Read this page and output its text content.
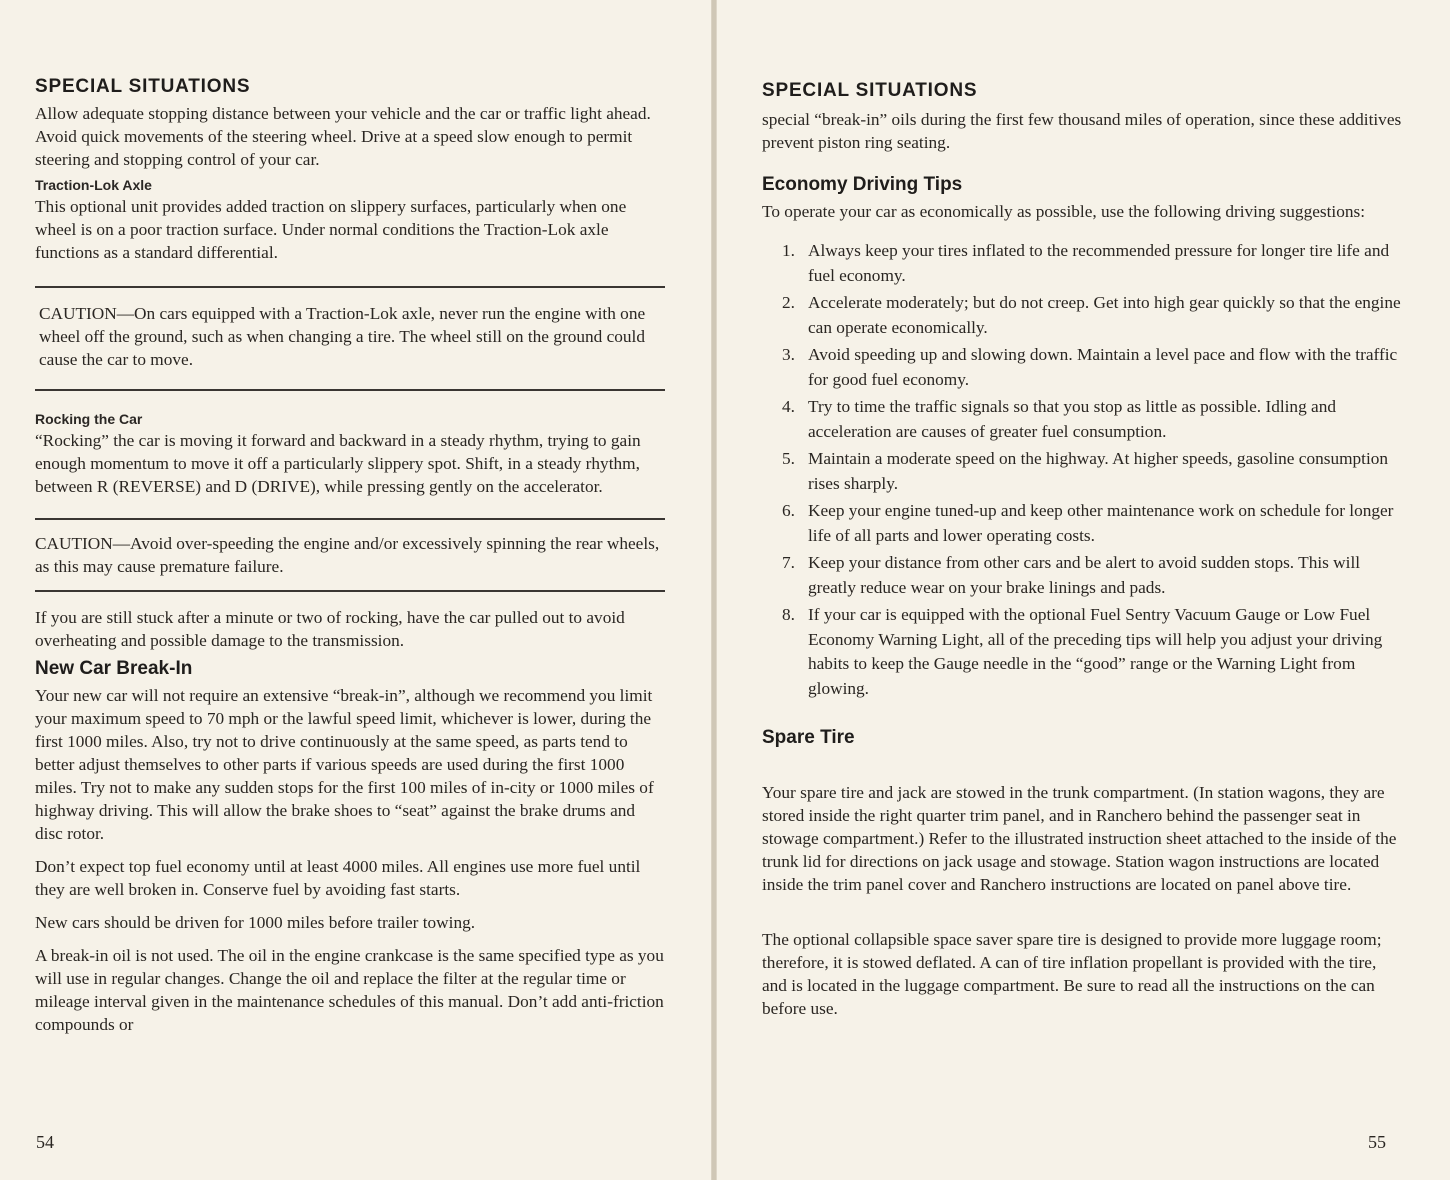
SPECIAL SITUATIONS

Allow adequate stopping distance between your vehicle and the car or traffic light ahead. Avoid quick movements of the steering wheel. Drive at a speed slow enough to permit steering and stopping control of your car.

Traction-Lok Axle

This optional unit provides added traction on slippery surfaces, particularly when one wheel is on a poor traction surface. Under normal conditions the Traction-Lok axle functions as a standard differential.

CAUTION—On cars equipped with a Traction-Lok axle, never run the engine with one wheel off the ground, such as when changing a tire. The wheel still on the ground could cause the car to move.

Rocking the Car

“Rocking” the car is moving it forward and backward in a steady rhythm, trying to gain enough momentum to move it off a particularly slippery spot. Shift, in a steady rhythm, between R (REVERSE) and D (DRIVE), while pressing gently on the accelerator.

CAUTION—Avoid over-speeding the engine and/or excessively spinning the rear wheels, as this may cause premature failure.

If you are still stuck after a minute or two of rocking, have the car pulled out to avoid overheating and possible damage to the transmission.

New Car Break-In

Your new car will not require an extensive “break-in”, although we recommend you limit your maximum speed to 70 mph or the lawful speed limit, whichever is lower, during the first 1000 miles. Also, try not to drive continuously at the same speed, as parts tend to better adjust themselves to other parts if various speeds are used during the first 1000 miles. Try not to make any sudden stops for the first 100 miles of in-city or 1000 miles of highway driving. This will allow the brake shoes to “seat” against the brake drums and disc rotor.

Don’t expect top fuel economy until at least 4000 miles. All engines use more fuel until they are well broken in. Conserve fuel by avoiding fast starts.

New cars should be driven for 1000 miles before trailer towing.

A break-in oil is not used. The oil in the engine crankcase is the same specified type as you will use in regular changes. Change the oil and replace the filter at the regular time or mileage interval given in the maintenance schedules of this manual. Don’t add anti-friction compounds or

54
SPECIAL SITUATIONS

special “break-in” oils during the first few thousand miles of operation, since these additives prevent piston ring seating.

Economy Driving Tips

To operate your car as economically as possible, use the following driving suggestions:

1. Always keep your tires inflated to the recommended pressure for longer tire life and fuel economy.
2. Accelerate moderately; but do not creep. Get into high gear quickly so that the engine can operate economically.
3. Avoid speeding up and slowing down. Maintain a level pace and flow with the traffic for good fuel economy.
4. Try to time the traffic signals so that you stop as little as possible. Idling and acceleration are causes of greater fuel consumption.
5. Maintain a moderate speed on the highway. At higher speeds, gasoline consumption rises sharply.
6. Keep your engine tuned-up and keep other maintenance work on schedule for longer life of all parts and lower operating costs.
7. Keep your distance from other cars and be alert to avoid sudden stops. This will greatly reduce wear on your brake linings and pads.
8. If your car is equipped with the optional Fuel Sentry Vacuum Gauge or Low Fuel Economy Warning Light, all of the preceding tips will help you adjust your driving habits to keep the Gauge needle in the “good” range or the Warning Light from glowing.
Spare Tire

Your spare tire and jack are stowed in the trunk compartment. (In station wagons, they are stored inside the right quarter trim panel, and in Ranchero behind the passenger seat in stowage compartment.) Refer to the illustrated instruction sheet attached to the inside of the trunk lid for directions on jack usage and stowage. Station wagon instructions are located inside the trim panel cover and Ranchero instructions are located on panel above tire.

The optional collapsible space saver spare tire is designed to provide more luggage room; therefore, it is stowed deflated. A can of tire inflation propellant is provided with the tire, and is located in the luggage compartment. Be sure to read all the instructions on the can before use.

55
